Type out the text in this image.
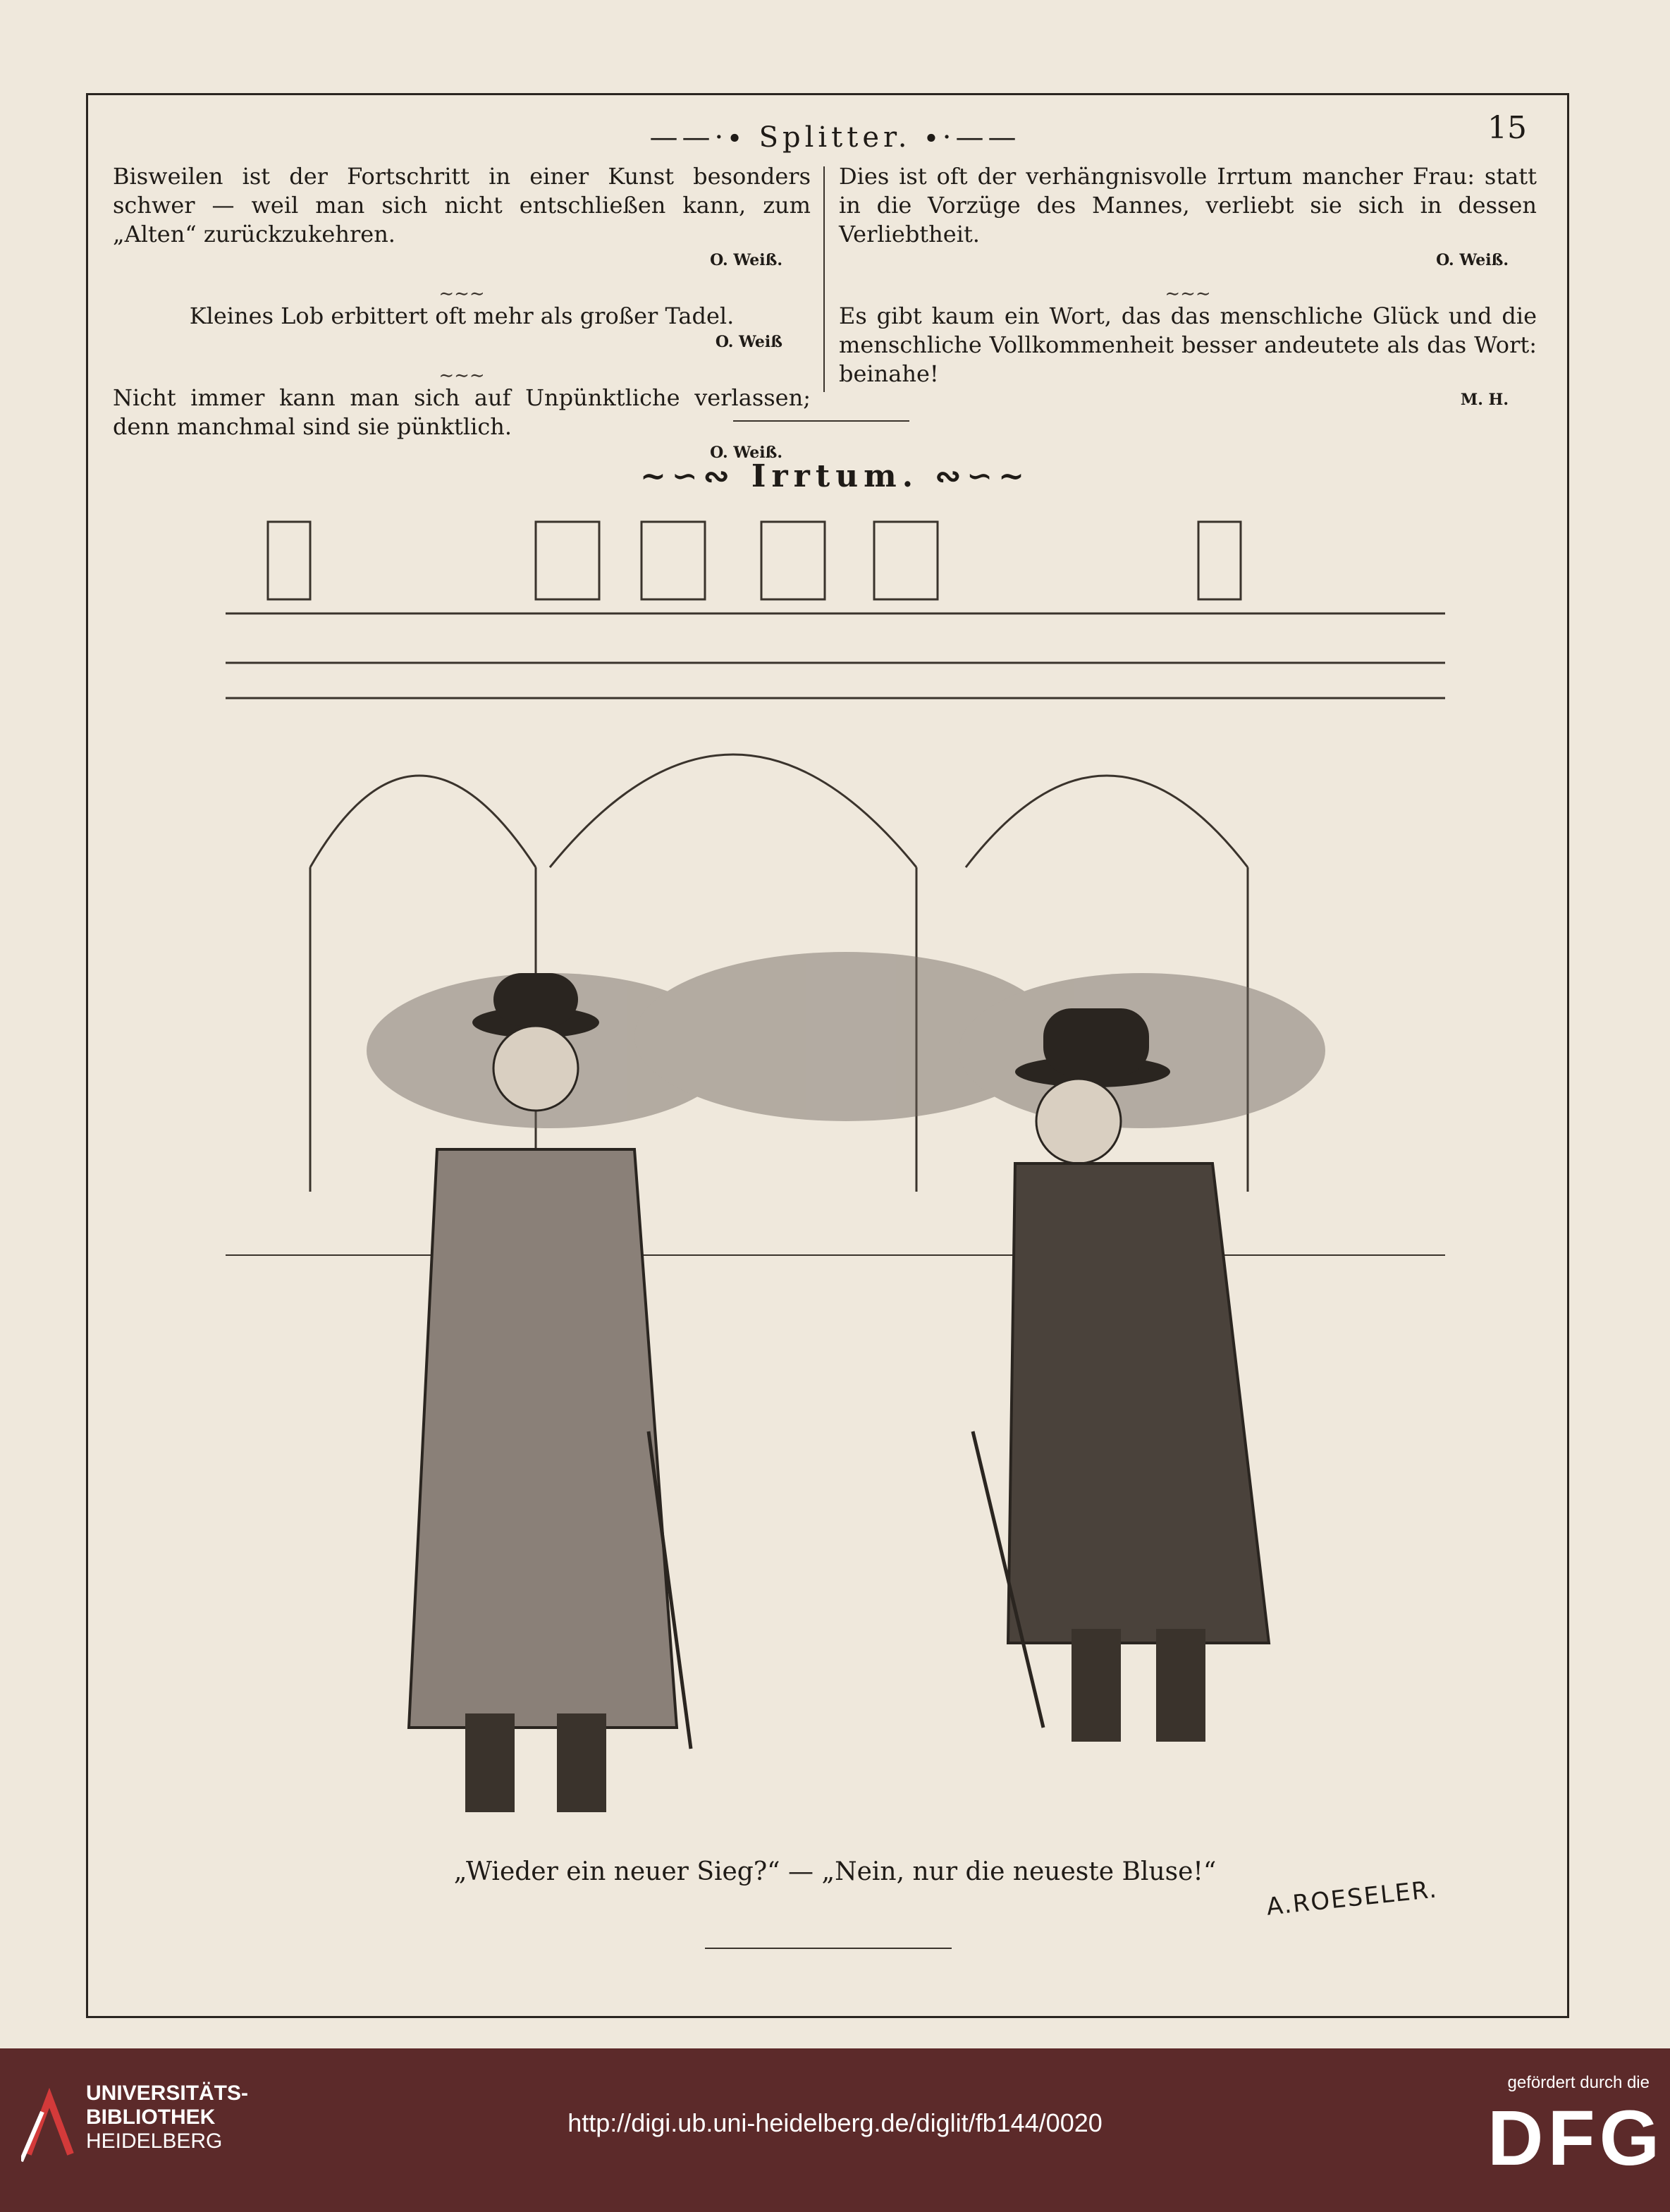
——·∙ Splitter. ∙·——	15

Bisweilen ist der Fortschritt in einer Kunst besonders schwer — weil man sich nicht entschließen kann, zum „Alten“ zurückzukehren.
O. Weiß.

∼∼∼

Kleines Lob erbittert oft mehr als großer Tadel.
O. Weiß

∼∼∼

Nicht immer kann man sich auf Unpünktliche verlassen; denn manchmal sind sie pünktlich.
O. Weiß.

Dies ist oft der verhängnisvolle Irrtum mancher Frau: statt in die Vorzüge des Mannes, verliebt sie sich in dessen Verliebtheit.
O. Weiß.

∼∼∼

Es gibt kaum ein Wort, das das menschliche Glück und die menschliche Vollkommenheit besser andeutete als das Wort: beinahe!
M. H.

~∽∾ Irrtum. ∾∽~
„Wieder ein neuer Sieg?“ — „Nein, nur die neueste Bluse!“
A.ROESELER.
UNIVERSITÄTS-
BIBLIOTHEK
HEIDELBERG
http://digi.ub.uni-heidelberg.de/diglit/fb144/0020
gefördert durch die
DFG
